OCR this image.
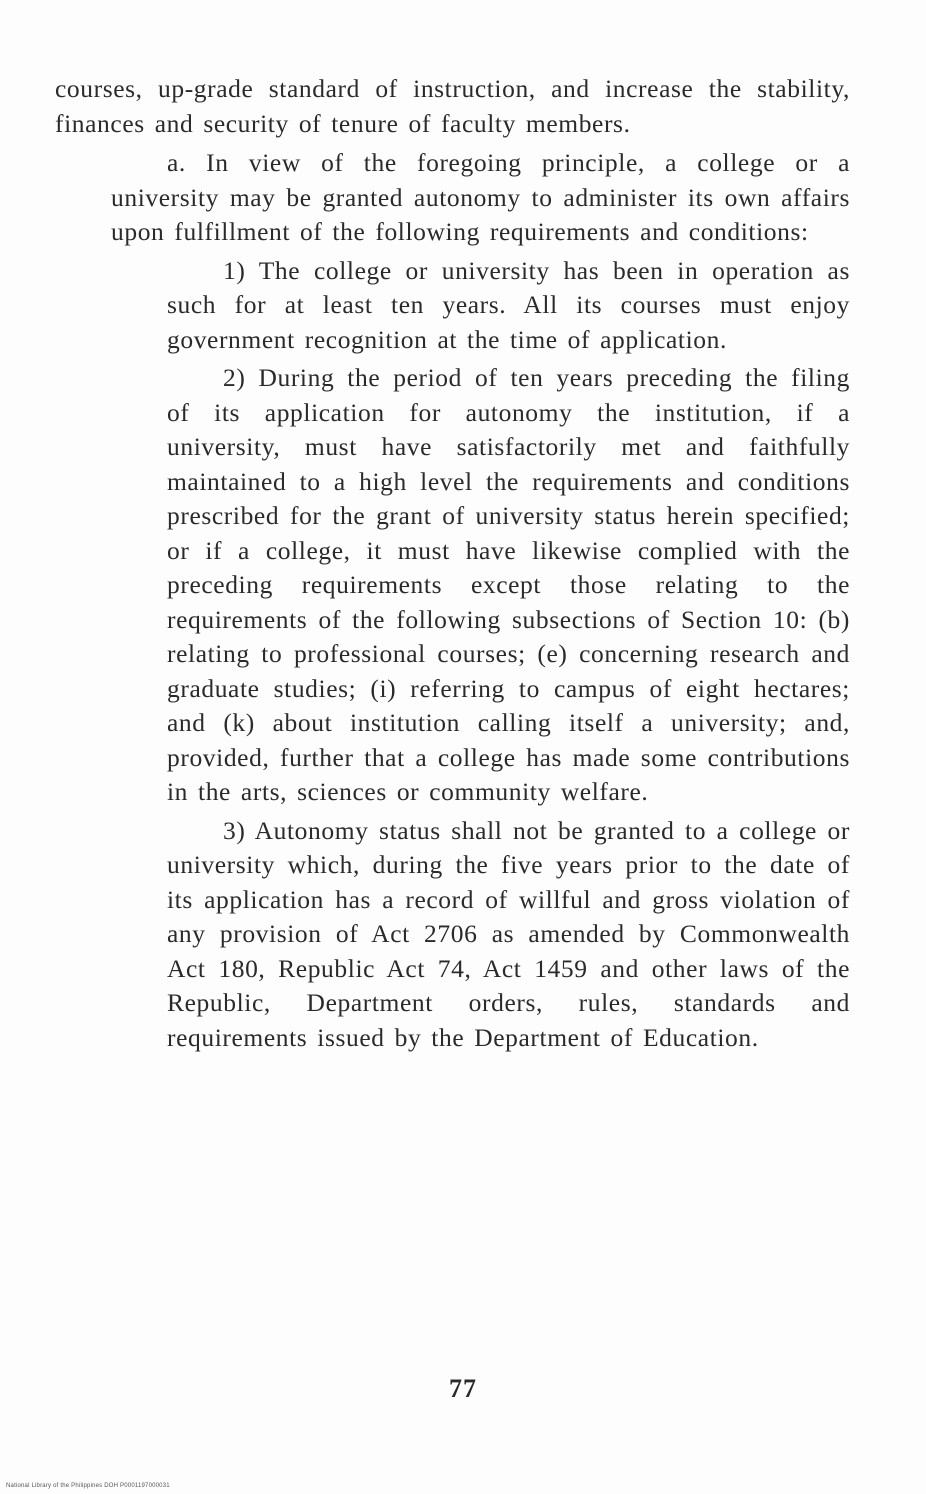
courses, up-grade standard of instruction, and increase the stability, finances and security of tenure of faculty members.

a. In view of the foregoing principle, a college or a university may be granted autonomy to administer its own affairs upon fulfillment of the following requirements and conditions:

1) The college or university has been in operation as such for at least ten years. All its courses must enjoy government recognition at the time of application.

2) During the period of ten years preceding the filing of its application for autonomy the institution, if a university, must have satisfactorily met and faithfully maintained to a high level the requirements and conditions prescribed for the grant of university status herein specified; or if a college, it must have likewise complied with the preceding requirements except those relating to the requirements of the following subsections of Section 10: (b) relating to professional courses; (e) concerning research and graduate studies; (i) referring to campus of eight hectares; and (k) about institution calling itself a university; and, provided, further that a college has made some contributions in the arts, sciences or community welfare.

3) Autonomy status shall not be granted to a college or university which, during the five years prior to the date of its application has a record of willful and gross violation of any provision of Act 2706 as amended by Commonwealth Act 180, Republic Act 74, Act 1459 and other laws of the Republic, Department orders, rules, standards and requirements issued by the Department of Education.

77
National Library of the Philippines DOH P0001197000031
